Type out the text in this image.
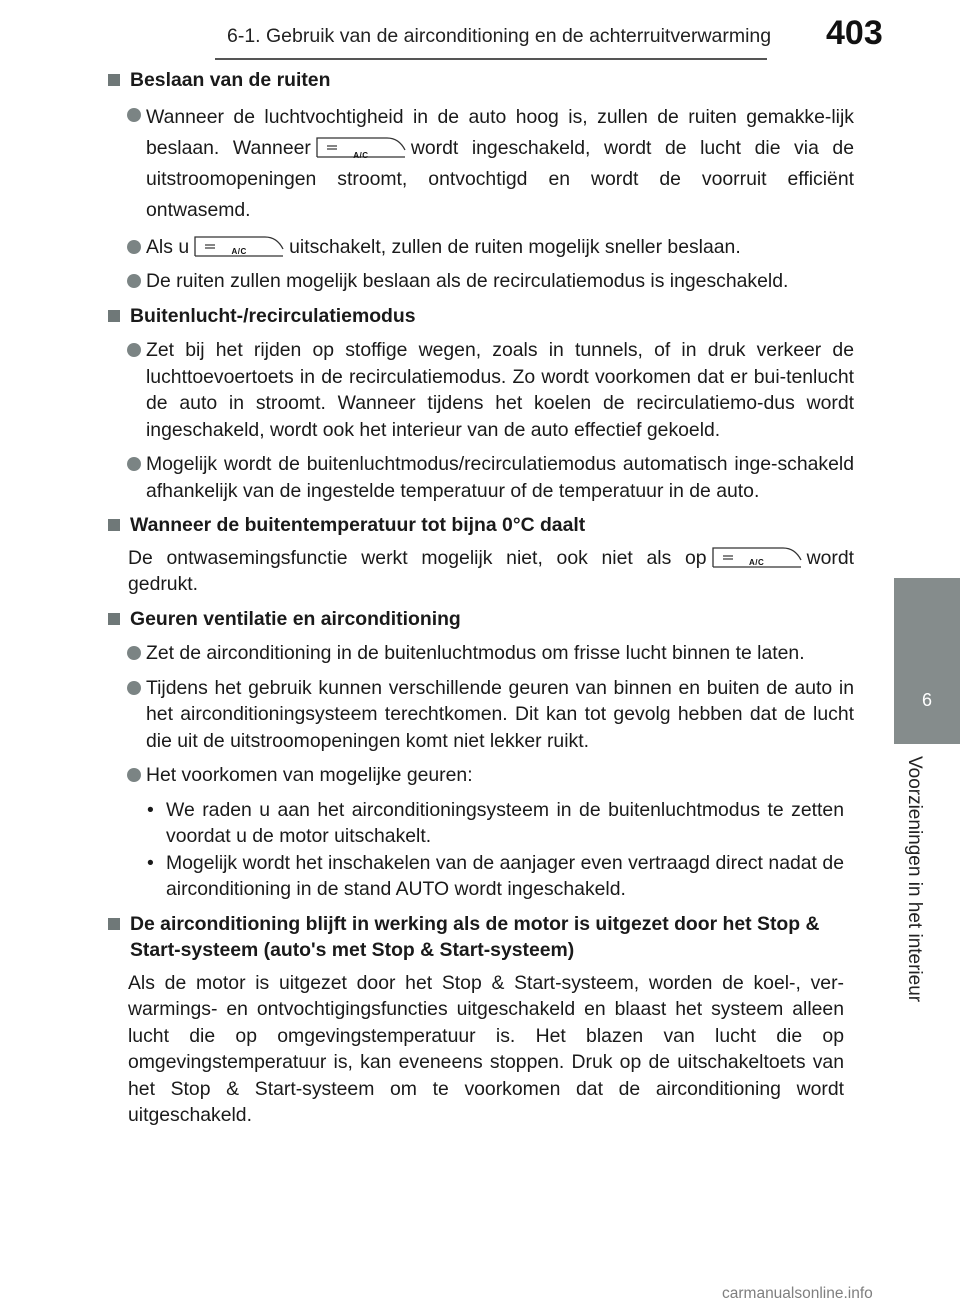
6-1. Gebruik van de airconditioning en de achterruitverwarming 403
6
Voorzieningen in het interieur
Beslaan van de ruiten
Wanneer de luchtvochtigheid in de auto hoog is, zullen de ruiten gemakke-lijk beslaan. Wanneer	A/C	wordt ingeschakeld, wordt de lucht die via de uitstroomopeningen stroomt, ontvochtigd en wordt de voorruit efficiënt ontwasemd.
Als u	A/C	uitschakelt, zullen de ruiten mogelijk sneller beslaan.
De ruiten zullen mogelijk beslaan als de recirculatiemodus is ingeschakeld.
Buitenlucht-/recirculatiemodus
Zet bij het rijden op stoffige wegen, zoals in tunnels, of in druk verkeer de luchttoevoertoets in de recirculatiemodus. Zo wordt voorkomen dat er bui-tenlucht de auto in stroomt. Wanneer tijdens het koelen de recirculatiemo-dus wordt ingeschakeld, wordt ook het interieur van de auto effectief gekoeld.
Mogelijk wordt de buitenluchtmodus/recirculatiemodus automatisch inge-schakeld afhankelijk van de ingestelde temperatuur of de temperatuur in de auto.
Wanneer de buitentemperatuur tot bijna 0°C daalt
De ontwasemingsfunctie werkt mogelijk niet, ook niet als op	A/C	wordt gedrukt.
Geuren ventilatie en airconditioning
Zet de airconditioning in de buitenluchtmodus om frisse lucht binnen te laten.
Tijdens het gebruik kunnen verschillende geuren van binnen en buiten de auto in het airconditioningsysteem terechtkomen. Dit kan tot gevolg hebben dat de lucht die uit de uitstroomopeningen komt niet lekker ruikt.
Het voorkomen van mogelijke geuren:
• We raden u aan het airconditioningsysteem in de buitenluchtmodus te zetten voordat u de motor uitschakelt.
• Mogelijk wordt het inschakelen van de aanjager even vertraagd direct nadat de airconditioning in de stand AUTO wordt ingeschakeld.
De airconditioning blijft in werking als de motor is uitgezet door het Stop & Start-systeem (auto's met Stop & Start-systeem)
Als de motor is uitgezet door het Stop & Start-systeem, worden de koel-, ver-warmings- en ontvochtigingsfuncties uitgeschakeld en blaast het systeem alleen lucht die op omgevingstemperatuur is. Het blazen van lucht die op omgevingstemperatuur is, kan eveneens stoppen. Druk op de uitschakeltoets van het Stop & Start-systeem om te voorkomen dat de airconditioning wordt uitgeschakeld.
carmanualsonline.info
